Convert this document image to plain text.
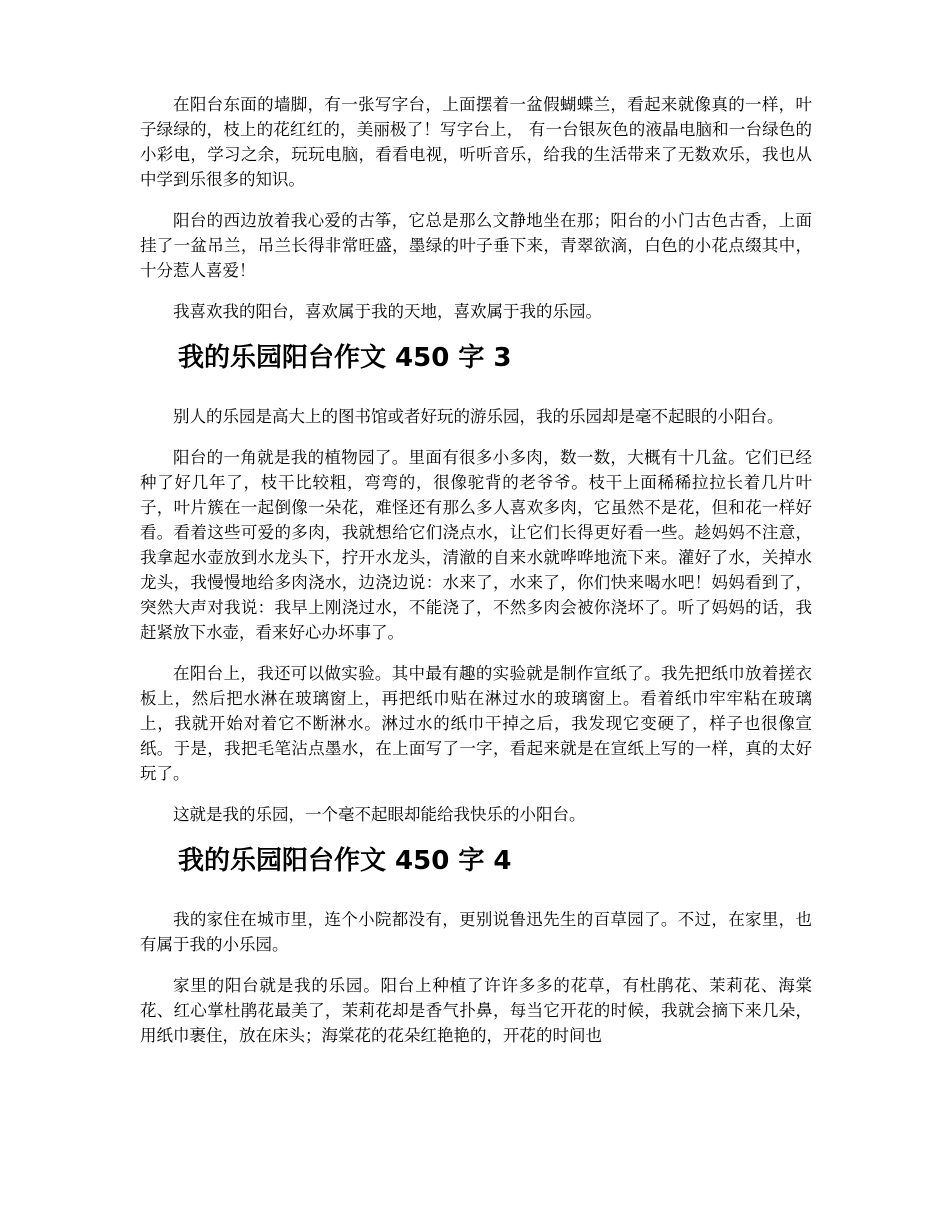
在阳台东面的墙脚，有一张写字台，上面摆着一盆假蝴蝶兰，看起来就像真的一样，叶子绿绿的，枝上的花红红的，美丽极了！写字台上， 有一台银灰色的液晶电脑和一台绿色的小彩电，学习之余，玩玩电脑，看看电视，听听音乐，给我的生活带来了无数欢乐，我也从中学到乐很多的知识。

阳台的西边放着我心爱的古筝，它总是那么文静地坐在那；阳台的小门古色古香，上面挂了一盆吊兰，吊兰长得非常旺盛，墨绿的叶子垂下来，青翠欲滴，白色的小花点缀其中，十分惹人喜爱！

我喜欢我的阳台，喜欢属于我的天地，喜欢属于我的乐园。

我的乐园阳台作文 450 字 3

别人的乐园是高大上的图书馆或者好玩的游乐园，我的乐园却是毫不起眼的小阳台。

阳台的一角就是我的植物园了。里面有很多小多肉，数一数，大概有十几盆。它们已经种了好几年了，枝干比较粗，弯弯的，很像驼背的老爷爷。枝干上面稀稀拉拉长着几片叶子，叶片簇在一起倒像一朵花，难怪还有那么多人喜欢多肉，它虽然不是花，但和花一样好看。看着这些可爱的多肉，我就想给它们浇点水，让它们长得更好看一些。趁妈妈不注意，我拿起水壶放到水龙头下，拧开水龙头，清澈的自来水就哗哗地流下来。灌好了水，关掉水龙头，我慢慢地给多肉浇水，边浇边说：水来了，水来了，你们快来喝水吧！妈妈看到了，突然大声对我说：我早上刚浇过水，不能浇了，不然多肉会被你浇坏了。听了妈妈的话，我赶紧放下水壶，看来好心办坏事了。

在阳台上，我还可以做实验。其中最有趣的实验就是制作宣纸了。我先把纸巾放着搓衣板上，然后把水淋在玻璃窗上，再把纸巾贴在淋过水的玻璃窗上。看着纸巾牢牢粘在玻璃上，我就开始对着它不断淋水。淋过水的纸巾干掉之后，我发现它变硬了，样子也很像宣纸。于是，我把毛笔沾点墨水，在上面写了一字，看起来就是在宣纸上写的一样，真的太好玩了。

这就是我的乐园，一个毫不起眼却能给我快乐的小阳台。

我的乐园阳台作文 450 字 4

我的家住在城市里，连个小院都没有，更别说鲁迅先生的百草园了。不过，在家里，也有属于我的小乐园。

家里的阳台就是我的乐园。阳台上种植了许许多多的花草，有杜鹃花、茉莉花、海棠花、红心掌杜鹃花最美了，茉莉花却是香气扑鼻，每当它开花的时候，我就会摘下来几朵，用纸巾裹住，放在床头；海棠花的花朵红艳艳的，开花的时间也
